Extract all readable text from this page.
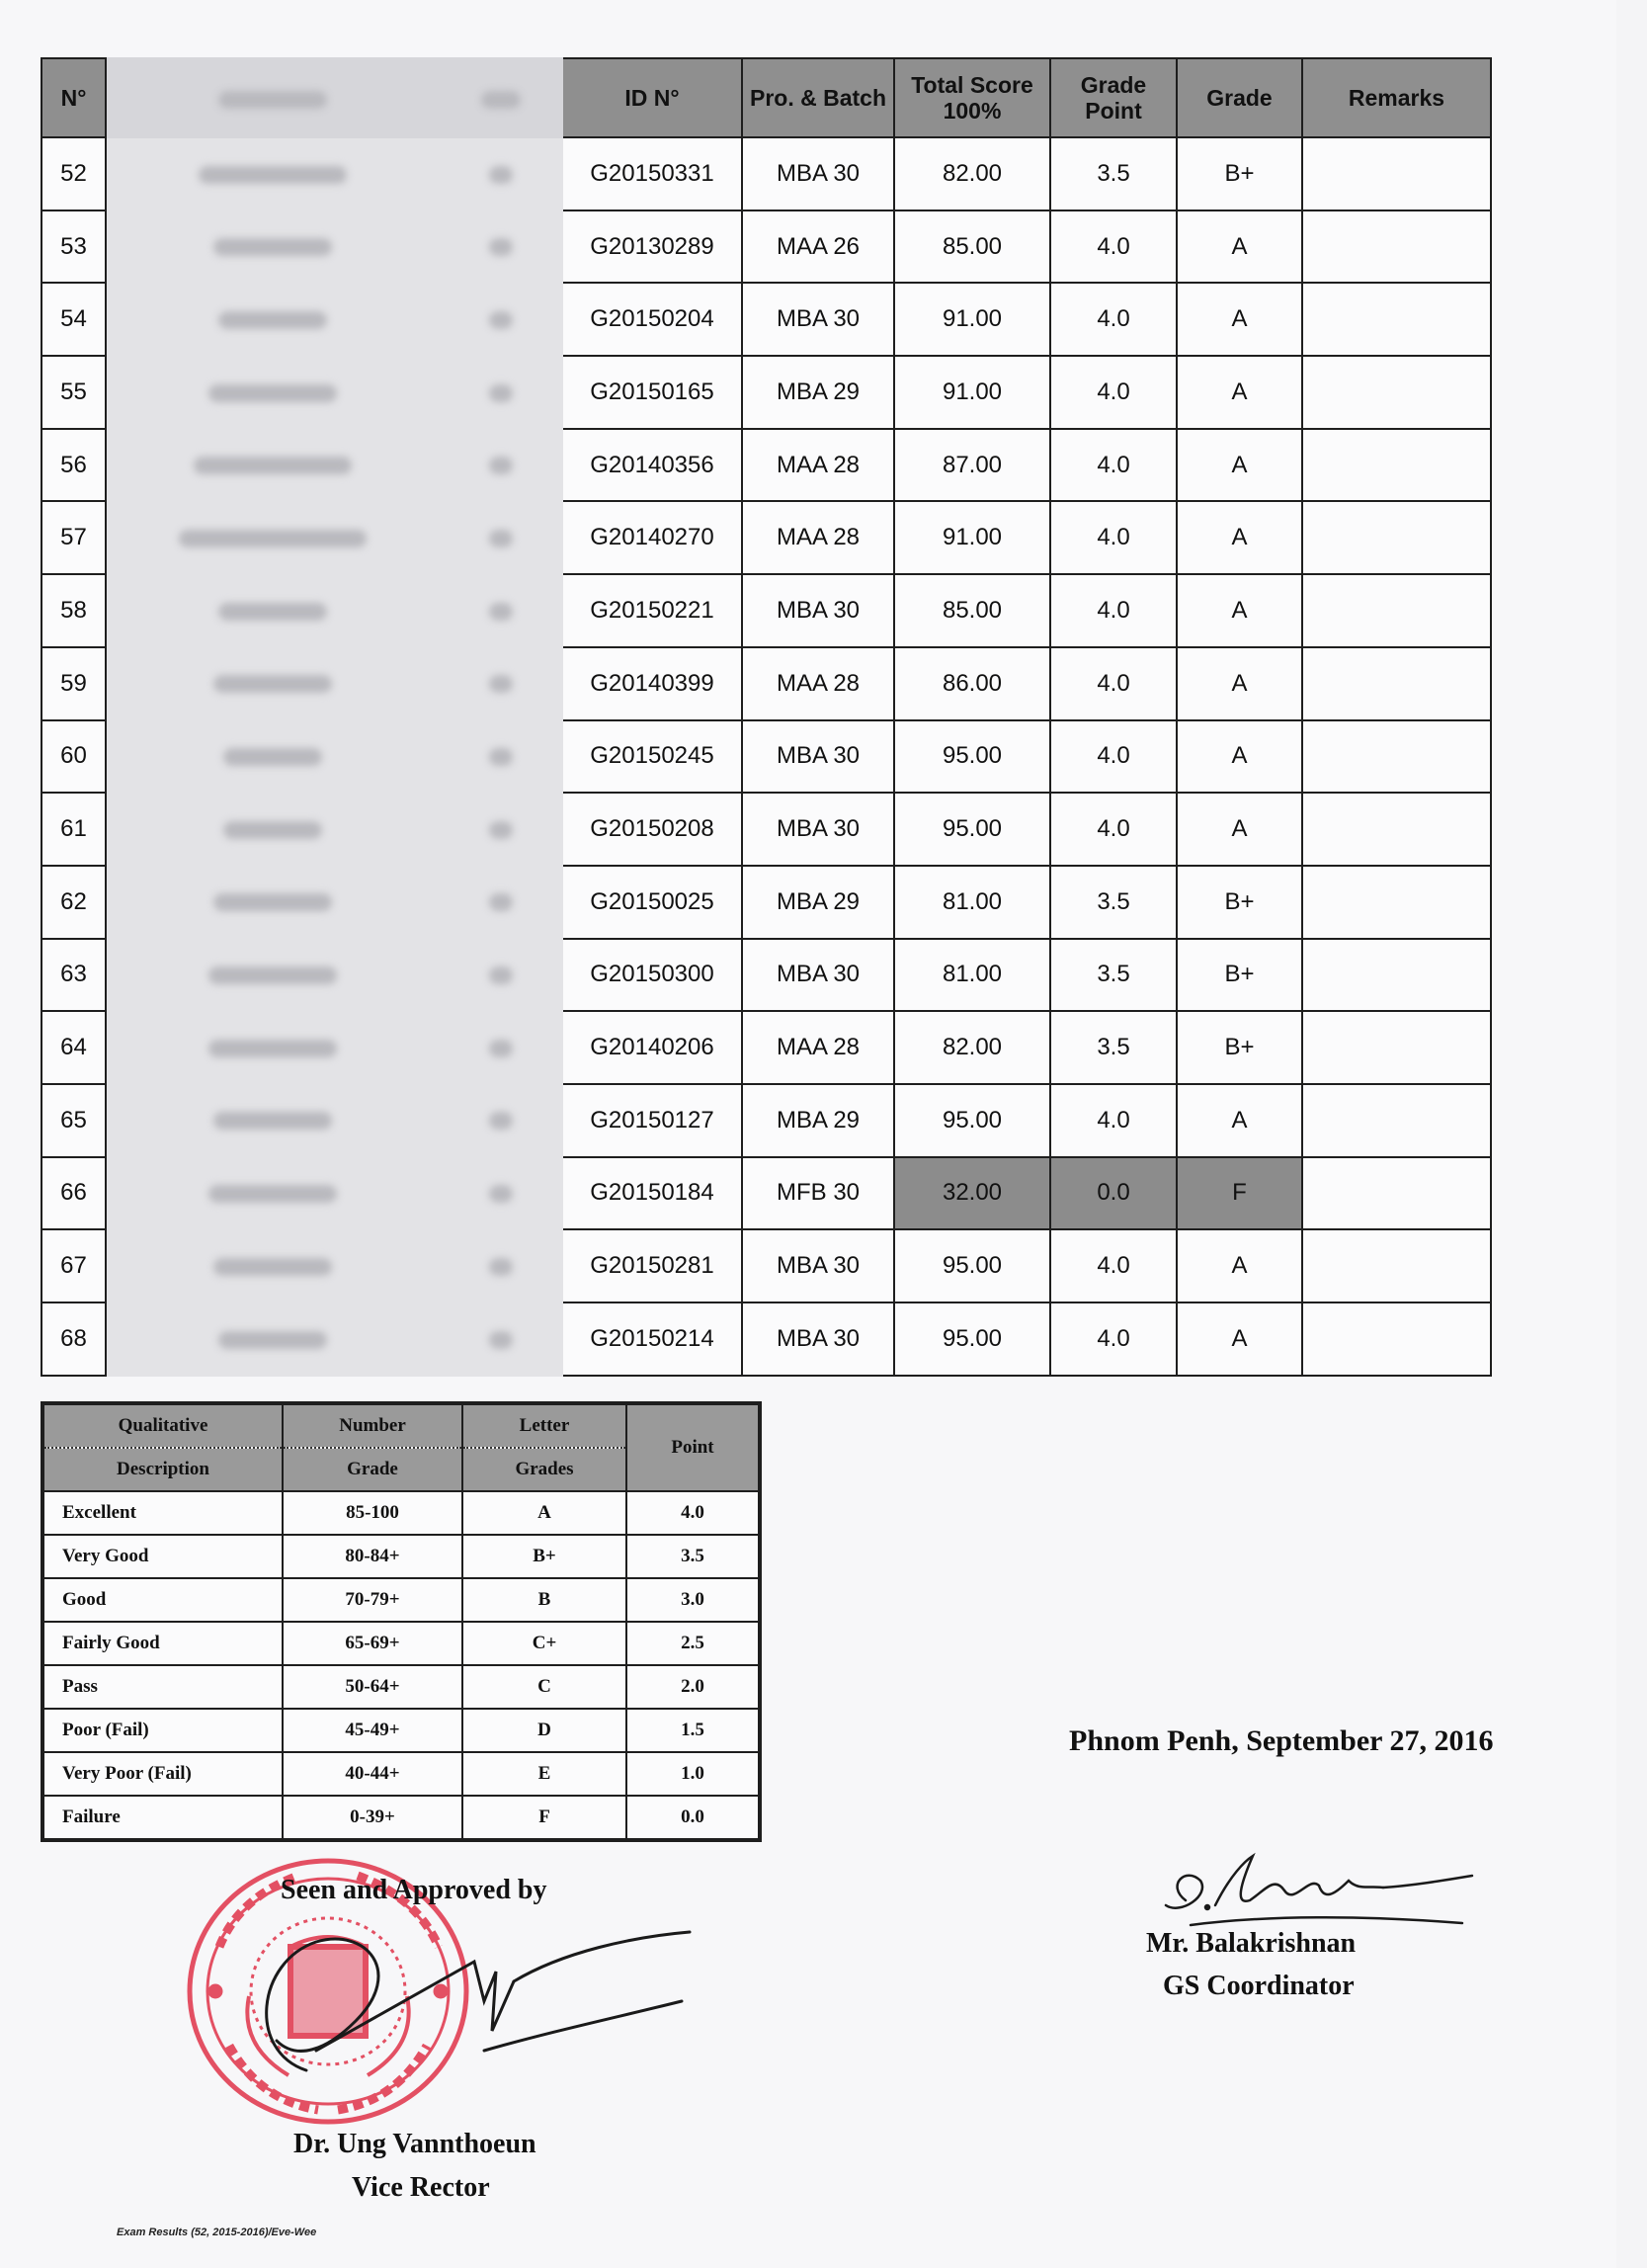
N°			ID N°	Pro. & Batch	Total Score 100%	Grade Point	Grade	Remarks
52			G20150331	MBA 30	82.00	3.5	B+	
53			G20130289	MAA 26	85.00	4.0	A	
54			G20150204	MBA 30	91.00	4.0	A	
55			G20150165	MBA 29	91.00	4.0	A	
56			G20140356	MAA 28	87.00	4.0	A	
57			G20140270	MAA 28	91.00	4.0	A	
58			G20150221	MBA 30	85.00	4.0	A	
59			G20140399	MAA 28	86.00	4.0	A	
60			G20150245	MBA 30	95.00	4.0	A	
61			G20150208	MBA 30	95.00	4.0	A	
62			G20150025	MBA 29	81.00	3.5	B+	
63			G20150300	MBA 30	81.00	3.5	B+	
64			G20140206	MAA 28	82.00	3.5	B+	
65			G20150127	MBA 29	95.00	4.0	A	
66			G20150184	MFB 30	32.00	0.0	F	
67			G20150281	MBA 30	95.00	4.0	A	
68			G20150214	MBA 30	95.00	4.0	A	
Qualitative	Number	Letter	Point
Description	Grade	Grades	
Excellent	85-100	A	4.0
Very Good	80-84+	B+	3.5
Good	70-79+	B	3.0
Fairly Good	65-69+	C+	2.5
Pass	50-64+	C	2.0
Poor (Fail)	45-49+	D	1.5
Very Poor (Fail)	40-44+	E	1.0
Failure	0-39+	F	0.0
Phnom Penh, September 27, 2016
Seen and Approved by
Dr. Ung Vannthoeun
Vice Rector
Mr. Balakrishnan
GS Coordinator
Exam Results (52, 2015-2016)/Eve-Wee
